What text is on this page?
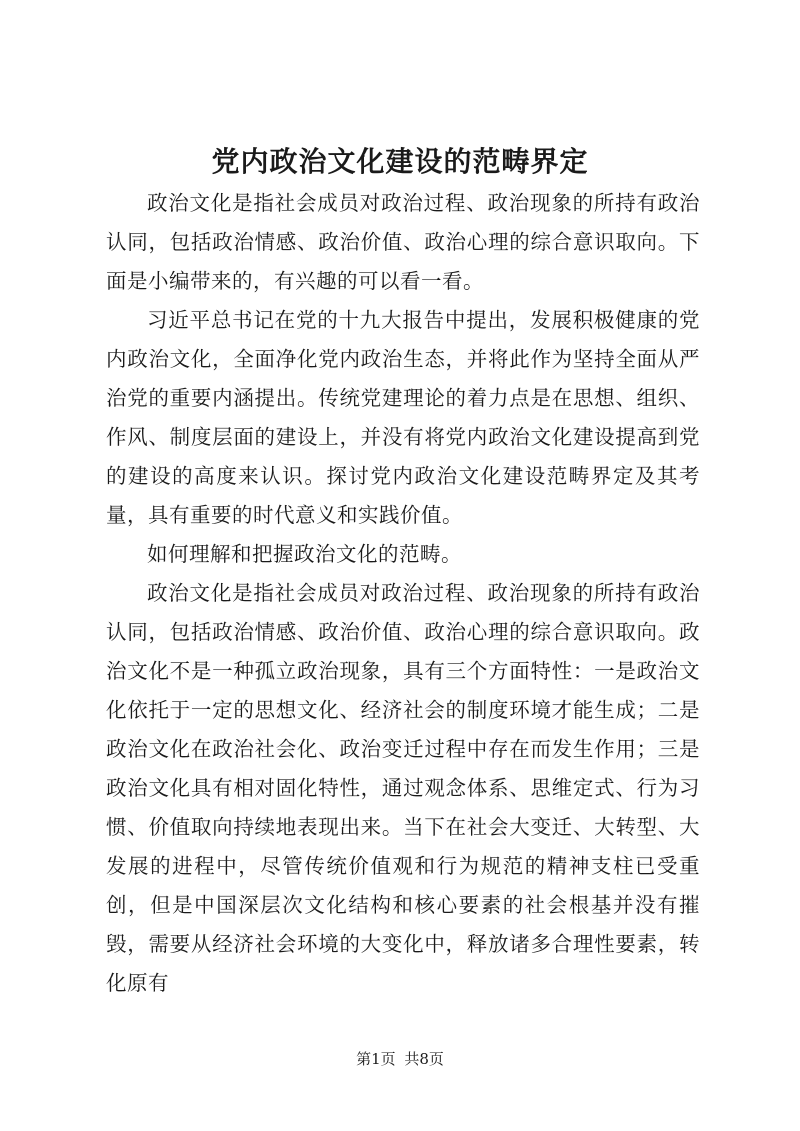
党内政治文化建设的范畴界定

政治文化是指社会成员对政治过程、政治现象的所持有政治认同，包括政治情感、政治价值、政治心理的综合意识取向。下面是小编带来的，有兴趣的可以看一看。

习近平总书记在党的十九大报告中提出，发展积极健康的党内政治文化，全面净化党内政治生态，并将此作为坚持全面从严治党的重要内涵提出。传统党建理论的着力点是在思想、组织、作风、制度层面的建设上，并没有将党内政治文化建设提高到党的建设的高度来认识。探讨党内政治文化建设范畴界定及其考量，具有重要的时代意义和实践价值。

如何理解和把握政治文化的范畴。

政治文化是指社会成员对政治过程、政治现象的所持有政治认同，包括政治情感、政治价值、政治心理的综合意识取向。政治文化不是一种孤立政治现象，具有三个方面特性：一是政治文化依托于一定的思想文化、经济社会的制度环境才能生成；二是政治文化在政治社会化、政治变迁过程中存在而发生作用；三是政治文化具有相对固化特性，通过观念体系、思维定式、行为习惯、价值取向持续地表现出来。当下在社会大变迁、大转型、大发展的进程中，尽管传统价值观和行为规范的精神支柱已受重创，但是中国深层次文化结构和核心要素的社会根基并没有摧毁，需要从经济社会环境的大变化中，释放诸多合理性要素，转化原有

第1页 共8页
